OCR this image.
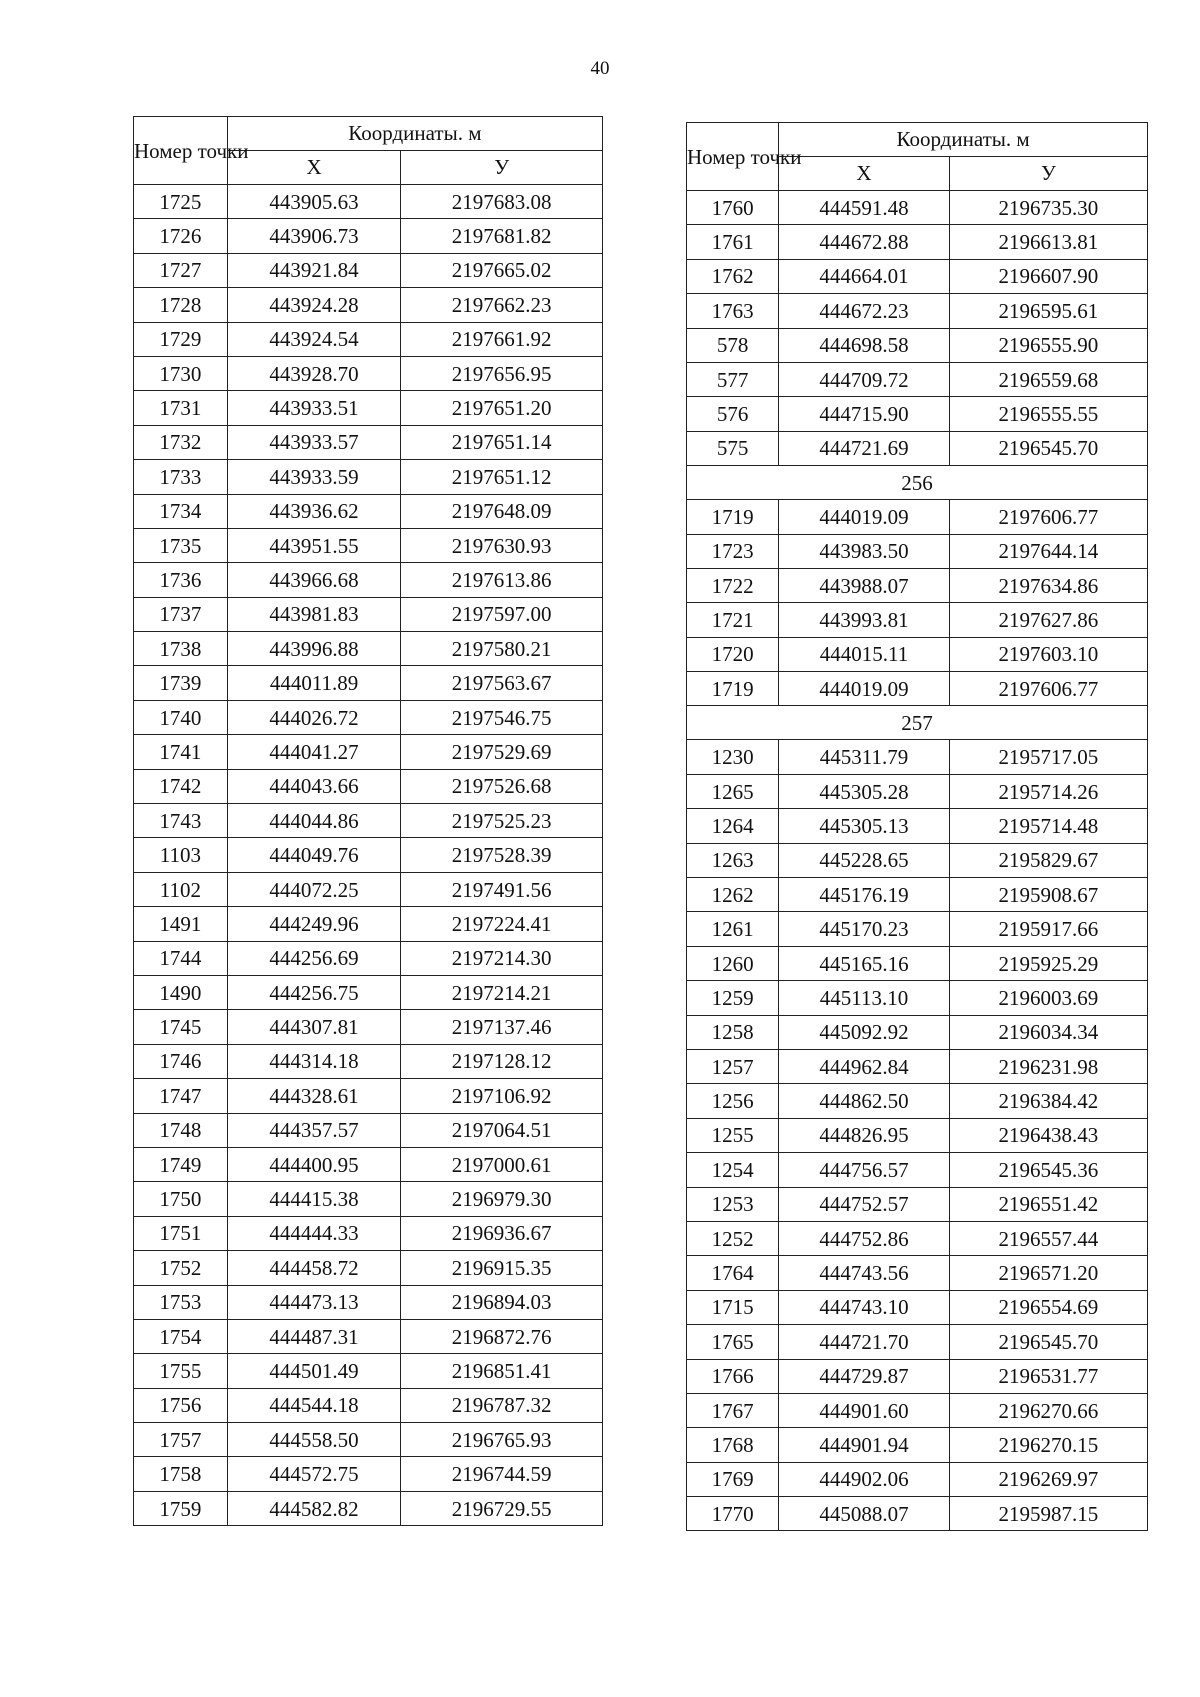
40
Номер точки	Координаты. м	
	X	У
1725	443905.63	2197683.08
1726	443906.73	2197681.82
1727	443921.84	2197665.02
1728	443924.28	2197662.23
1729	443924.54	2197661.92
1730	443928.70	2197656.95
1731	443933.51	2197651.20
1732	443933.57	2197651.14
1733	443933.59	2197651.12
1734	443936.62	2197648.09
1735	443951.55	2197630.93
1736	443966.68	2197613.86
1737	443981.83	2197597.00
1738	443996.88	2197580.21
1739	444011.89	2197563.67
1740	444026.72	2197546.75
1741	444041.27	2197529.69
1742	444043.66	2197526.68
1743	444044.86	2197525.23
1103	444049.76	2197528.39
1102	444072.25	2197491.56
1491	444249.96	2197224.41
1744	444256.69	2197214.30
1490	444256.75	2197214.21
1745	444307.81	2197137.46
1746	444314.18	2197128.12
1747	444328.61	2197106.92
1748	444357.57	2197064.51
1749	444400.95	2197000.61
1750	444415.38	2196979.30
1751	444444.33	2196936.67
1752	444458.72	2196915.35
1753	444473.13	2196894.03
1754	444487.31	2196872.76
1755	444501.49	2196851.41
1756	444544.18	2196787.32
1757	444558.50	2196765.93
1758	444572.75	2196744.59
1759	444582.82	2196729.55
Номер точки	Координаты. м	
	X	У
1760	444591.48	2196735.30
1761	444672.88	2196613.81
1762	444664.01	2196607.90
1763	444672.23	2196595.61
578	444698.58	2196555.90
577	444709.72	2196559.68
576	444715.90	2196555.55
575	444721.69	2196545.70
256		
1719	444019.09	2197606.77
1723	443983.50	2197644.14
1722	443988.07	2197634.86
1721	443993.81	2197627.86
1720	444015.11	2197603.10
1719	444019.09	2197606.77
257		
1230	445311.79	2195717.05
1265	445305.28	2195714.26
1264	445305.13	2195714.48
1263	445228.65	2195829.67
1262	445176.19	2195908.67
1261	445170.23	2195917.66
1260	445165.16	2195925.29
1259	445113.10	2196003.69
1258	445092.92	2196034.34
1257	444962.84	2196231.98
1256	444862.50	2196384.42
1255	444826.95	2196438.43
1254	444756.57	2196545.36
1253	444752.57	2196551.42
1252	444752.86	2196557.44
1764	444743.56	2196571.20
1715	444743.10	2196554.69
1765	444721.70	2196545.70
1766	444729.87	2196531.77
1767	444901.60	2196270.66
1768	444901.94	2196270.15
1769	444902.06	2196269.97
1770	445088.07	2195987.15
